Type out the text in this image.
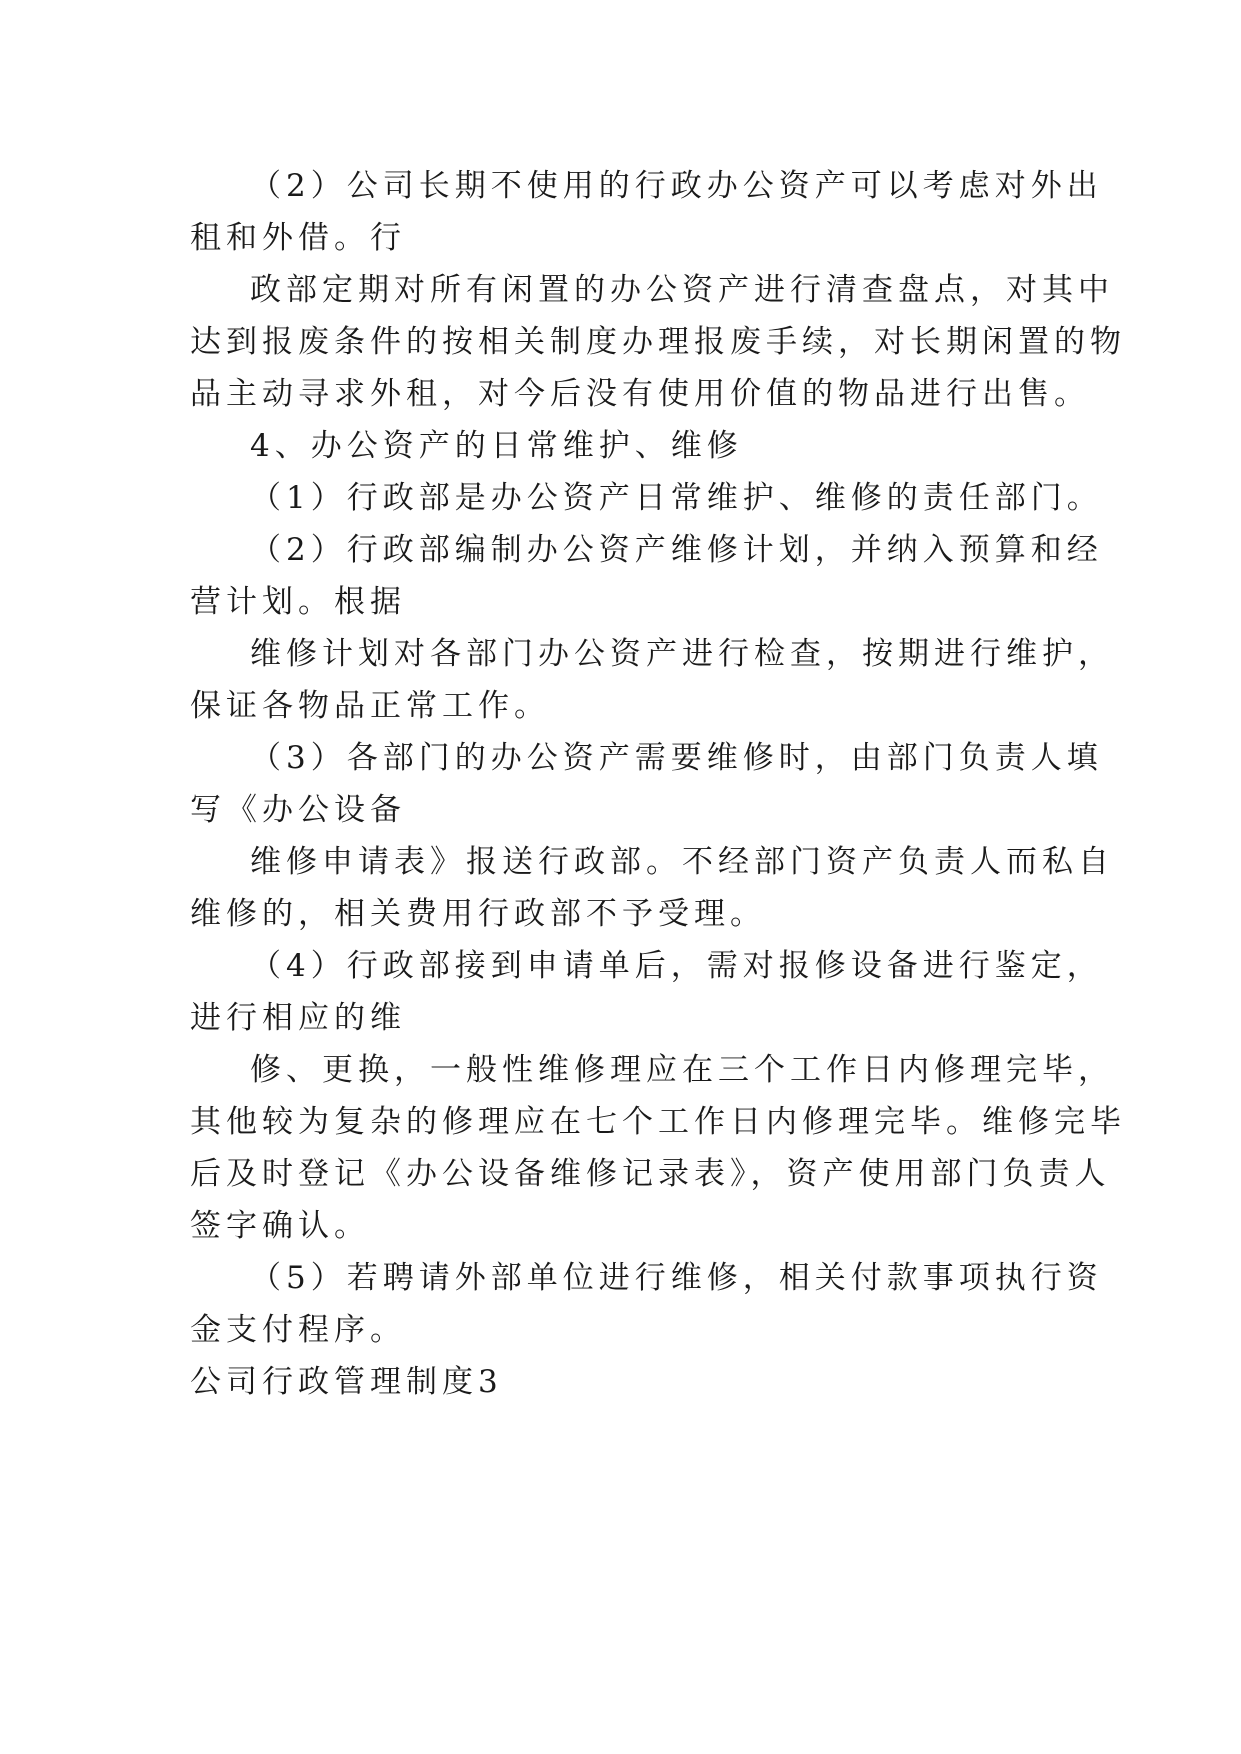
（2）公司长期不使用的行政办公资产可以考虑对外出
租和外借。行
政部定期对所有闲置的办公资产进行清查盘点，对其中
达到报废条件的按相关制度办理报废手续，对长期闲置的物
品主动寻求外租，对今后没有使用价值的物品进行出售。
4、办公资产的日常维护、维修
（1）行政部是办公资产日常维护、维修的责任部门。
（2）行政部编制办公资产维修计划，并纳入预算和经
营计划。根据
维修计划对各部门办公资产进行检查，按期进行维护，
保证各物品正常工作。
（3）各部门的办公资产需要维修时，由部门负责人填
写《办公设备
维修申请表》报送行政部。不经部门资产负责人而私自
维修的，相关费用行政部不予受理。
（4）行政部接到申请单后，需对报修设备进行鉴定，
进行相应的维
修、更换，一般性维修理应在三个工作日内修理完毕，
其他较为复杂的修理应在七个工作日内修理完毕。维修完毕
后及时登记《办公设备维修记录表》，资产使用部门负责人
签字确认。
（5）若聘请外部单位进行维修，相关付款事项执行资
金支付程序。
公司行政管理制度3
